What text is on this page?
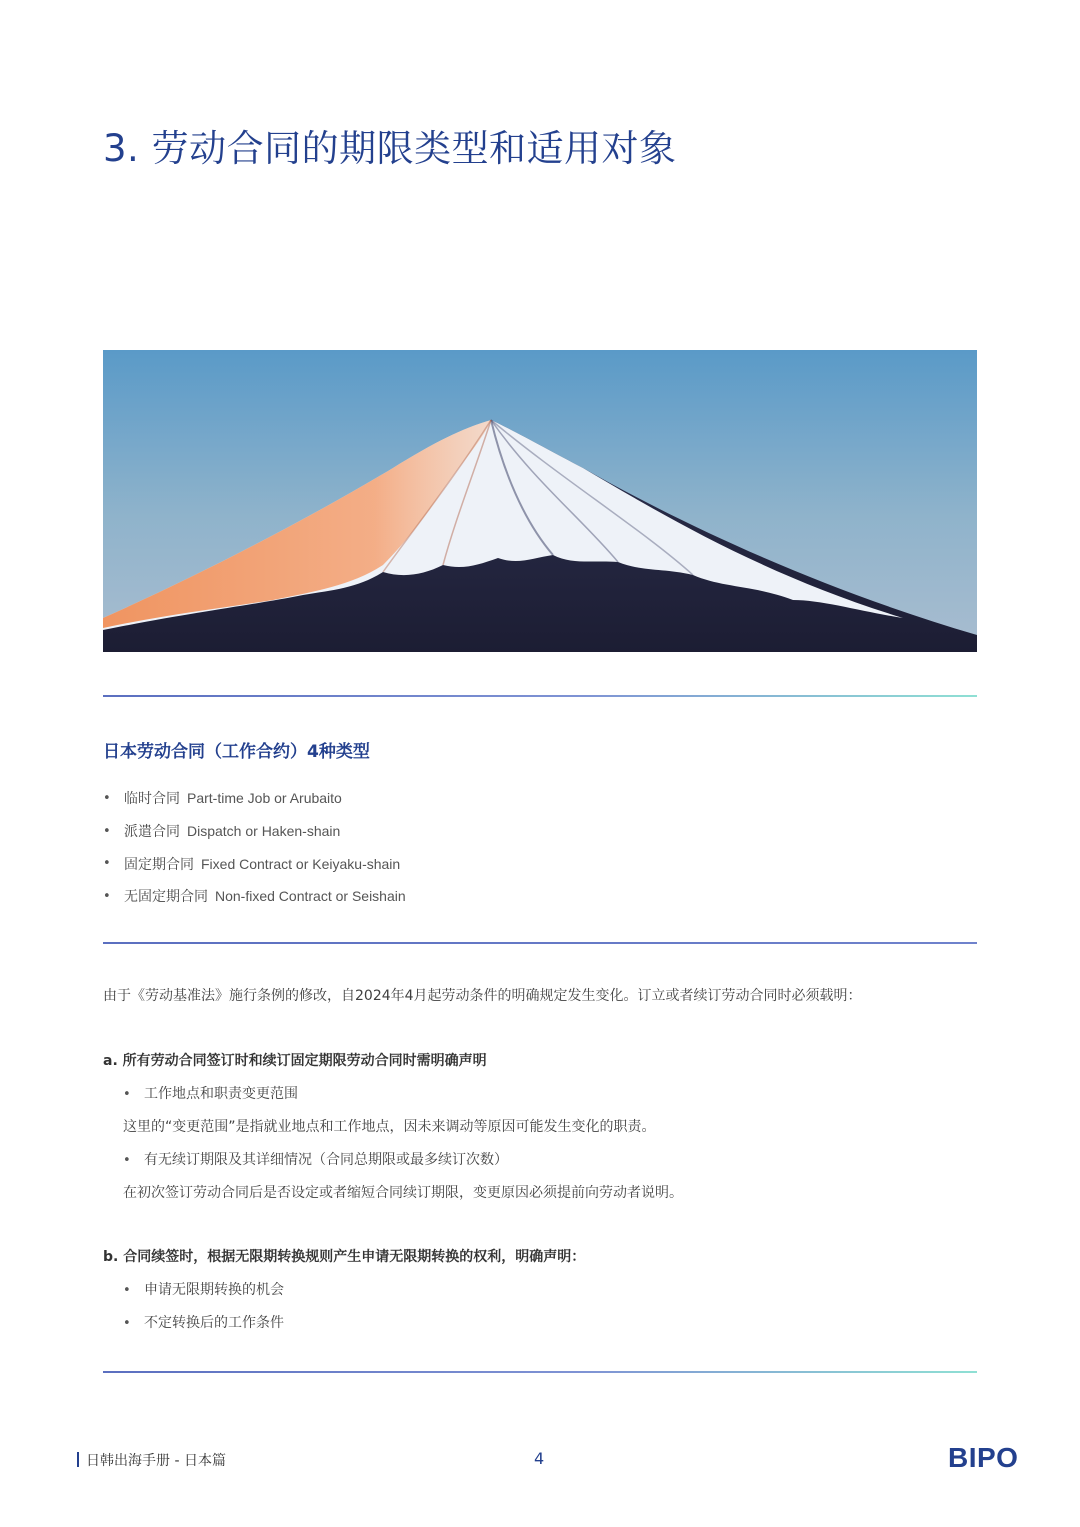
3. 劳动合同的期限类型和适用对象
日本劳动合同（工作合约）4种类型
• 临时合同 Part-time Job or Arubaito
• 派遣合同 Dispatch or Haken-shain
• 固定期合同 Fixed Contract or Keiyaku-shain
• 无固定期合同 Non-fixed Contract or Seishain
由于《劳动基准法》施行条例的修改，自2024年4月起劳动条件的明确规定发生变化。订立或者续订劳动合同时必须载明：
a. 所有劳动合同签订时和续订固定期限劳动合同时需明确声明
• 工作地点和职责变更范围
这里的“变更范围”是指就业地点和工作地点，因未来调动等原因可能发生变化的职责。
• 有无续订期限及其详细情况（合同总期限或最多续订次数）
在初次签订劳动合同后是否设定或者缩短合同续订期限，变更原因必须提前向劳动者说明。
b. 合同续签时，根据无限期转换规则产生申请无限期转换的权利，明确声明：
• 申请无限期转换的机会
• 不定转换后的工作条件
日韩出海手册 - 日本篇	4	BIPO
